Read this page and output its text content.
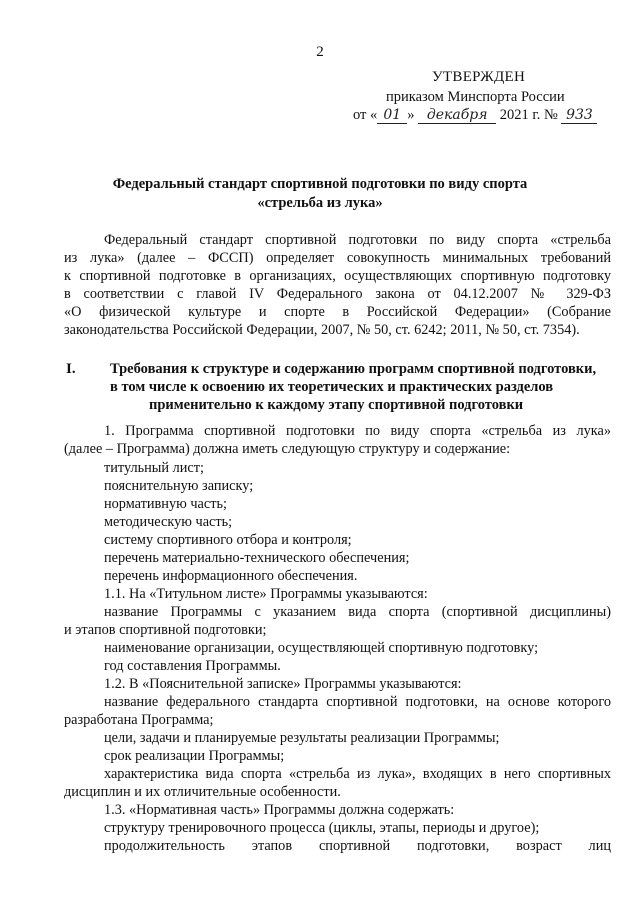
2
УТВЕРЖДЕН
приказом Минспорта России
от « 01 » декабря 2021 г. № 933
Федеральный стандарт спортивной подготовки по виду спорта
«стрельба из лука»
Федеральный стандарт спортивной подготовки по виду спорта «стрельба
из лука» (далее – ФССП) определяет совокупность минимальных требований
к спортивной подготовке в организациях, осуществляющих спортивную подготовку
в соответствии с главой IV Федерального закона от 04.12.2007 № 329-ФЗ
«О физической культуре и спорте в Российской Федерации» (Собрание
законодательства Российской Федерации, 2007, № 50, ст. 6242; 2011, № 50, ст. 7354).
I. Требования к структуре и содержанию программ спортивной подготовки,
в том числе к освоению их теоретических и практических разделов
применительно к каждому этапу спортивной подготовки
1. Программа спортивной подготовки по виду спорта «стрельба из лука»
(далее – Программа) должна иметь следующую структуру и содержание:
титульный лист;
пояснительную записку;
нормативную часть;
методическую часть;
систему спортивного отбора и контроля;
перечень материально-технического обеспечения;
перечень информационного обеспечения.
1.1. На «Титульном листе» Программы указываются:
название Программы с указанием вида спорта (спортивной дисциплины)
и этапов спортивной подготовки;
наименование организации, осуществляющей спортивную подготовку;
год составления Программы.
1.2. В «Пояснительной записке» Программы указываются:
название федерального стандарта спортивной подготовки, на основе которого
разработана Программа;
цели, задачи и планируемые результаты реализации Программы;
срок реализации Программы;
характеристика вида спорта «стрельба из лука», входящих в него спортивных
дисциплин и их отличительные особенности.
1.3. «Нормативная часть» Программы должна содержать:
структуру тренировочного процесса (циклы, этапы, периоды и другое);
продолжительность этапов спортивной подготовки, возраст лиц
